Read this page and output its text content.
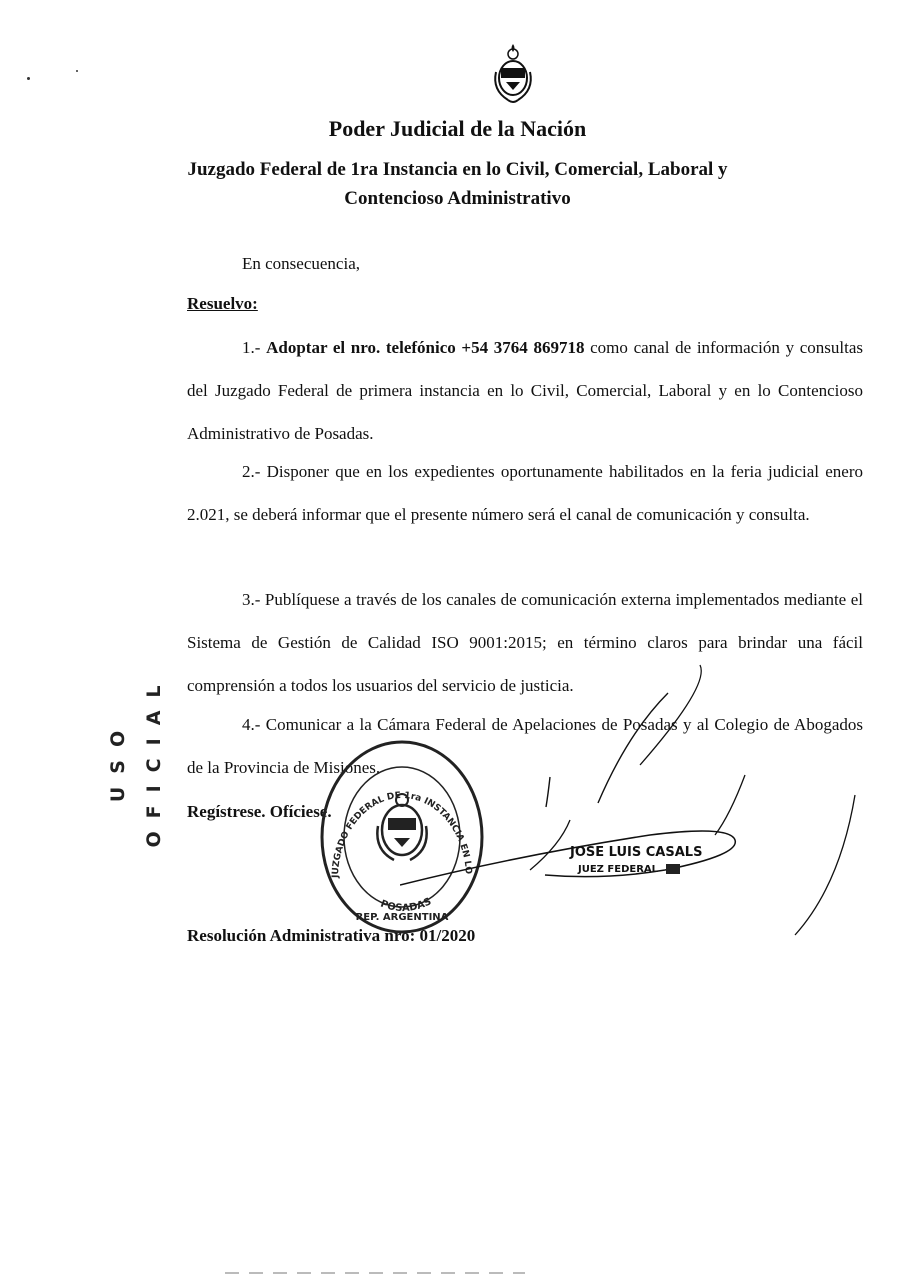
Poder Judicial de la Nación
Juzgado Federal de 1ra Instancia en lo Civil, Comercial, Laboral y
Contencioso Administrativo
En consecuencia,
Resuelvo:
1.- Adoptar el nro. telefónico +54 3764 869718 como canal de información y consultas del Juzgado Federal de primera instancia en lo Civil, Comercial, Laboral y en lo Contencioso Administrativo de Posadas.
2.- Disponer que en los expedientes oportunamente habilitados en la feria judicial enero 2.021, se deberá informar que el presente número será el canal de comunicación y consulta.
3.- Publíquese a través de los canales de comunicación externa implementados mediante el Sistema de Gestión de Calidad ISO 9001:2015; en término claros para brindar una fácil comprensión a todos los usuarios del servicio de justicia.
4.- Comunicar a la Cámara Federal de Apelaciones de Posadas y al Colegio de Abogados de la Provincia de Misiones.
Regístrese. Ofíciese.
Resolución Administrativa nro: 01/2020
USO OFICIAL
JUZGADO FEDERAL DE 1ra INSTANCIA EN LO
POSADAS
REP. ARGENTINA
JOSE LUIS CASALS
JUEZ FEDERAL
